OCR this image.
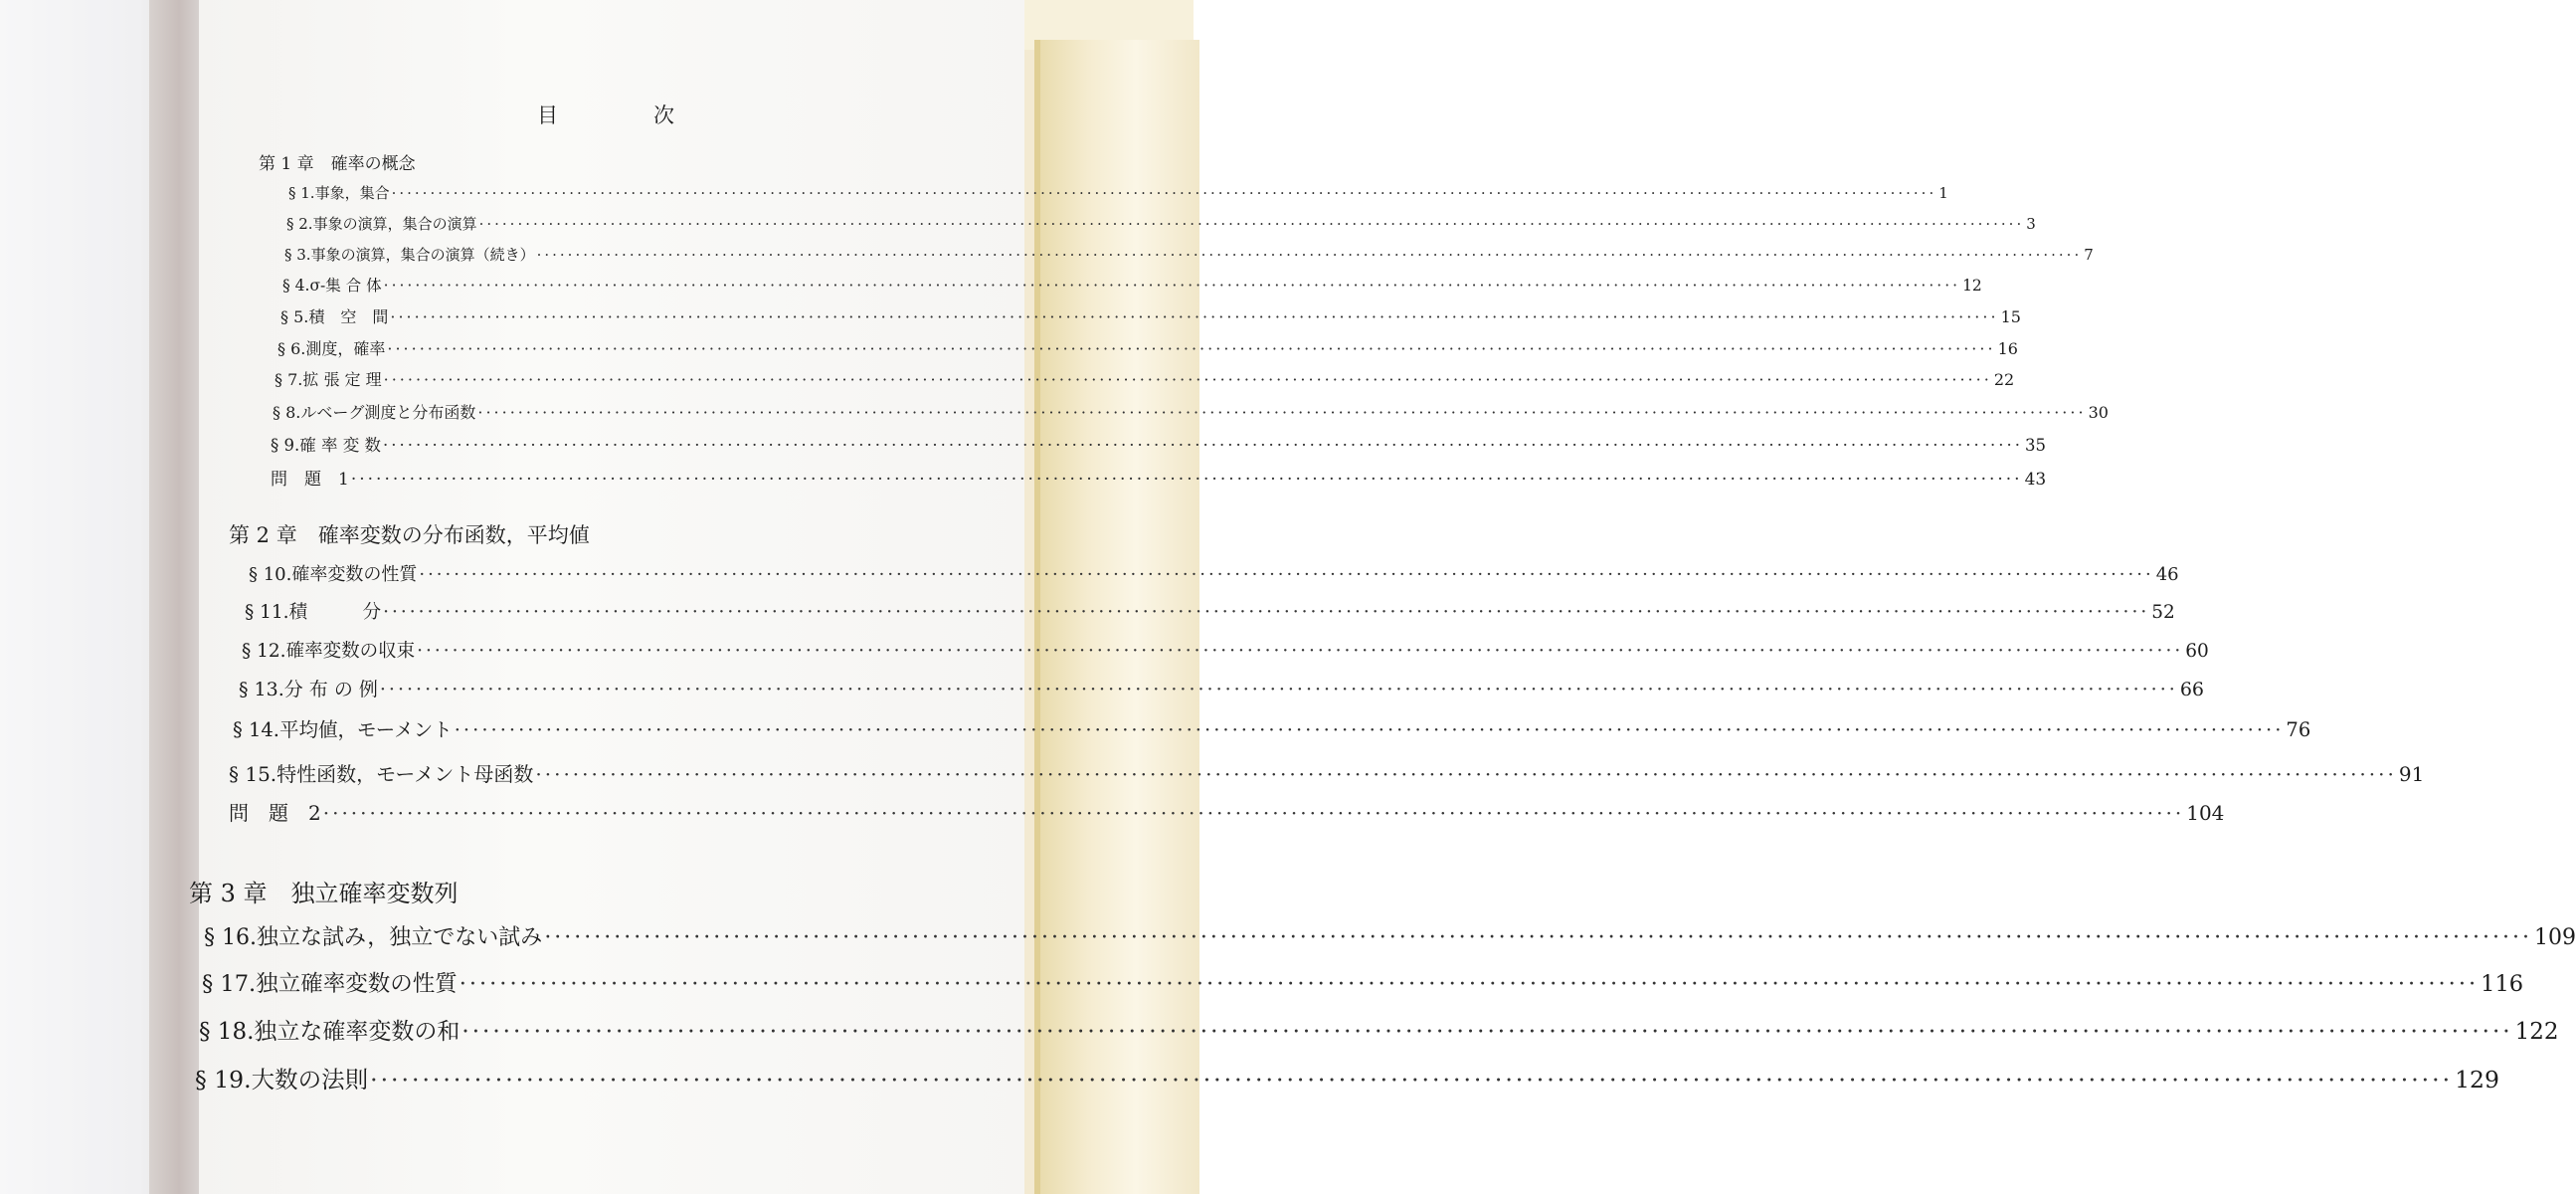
目	次
第 1 章　確率の概念
§ 1. 事象，集合 ········································································································································································································ 1
§ 2. 事象の演算，集合の演算 ········································································································································································································ 3
§ 3. 事象の演算，集合の演算（続き） ········································································································································································································ 7
§ 4. σ-集 合 体 ········································································································································································································ 12
§ 5. 積　空　間 ········································································································································································································ 15
§ 6. 測度，確率 ········································································································································································································ 16
§ 7. 拡 張 定 理 ········································································································································································································ 22
§ 8. ルベーグ測度と分布函数 ········································································································································································································ 30
§ 9. 確 率 変 数 ········································································································································································································ 35
問　題　1 ········································································································································································································ 43
第 2 章　確率変数の分布函数，平均値
§ 10. 確率変数の性質 ········································································································································································································ 46
§ 11. 積　　　分 ········································································································································································································ 52
§ 12. 確率変数の収束 ········································································································································································································ 60
§ 13. 分 布 の 例 ········································································································································································································ 66
§ 14. 平均値，モーメント ········································································································································································································ 76
§ 15. 特性函数，モーメント母函数 ········································································································································································································ 91
問　題　2 ········································································································································································································ 104
第 3 章　独立確率変数列
§ 16. 独立な試み，独立でない試み ········································································································································································································ 109
§ 17. 独立確率変数の性質 ········································································································································································································ 116
§ 18. 独立な確率変数の和 ········································································································································································································ 122
§ 19. 大数の法則 ········································································································································································································ 129
